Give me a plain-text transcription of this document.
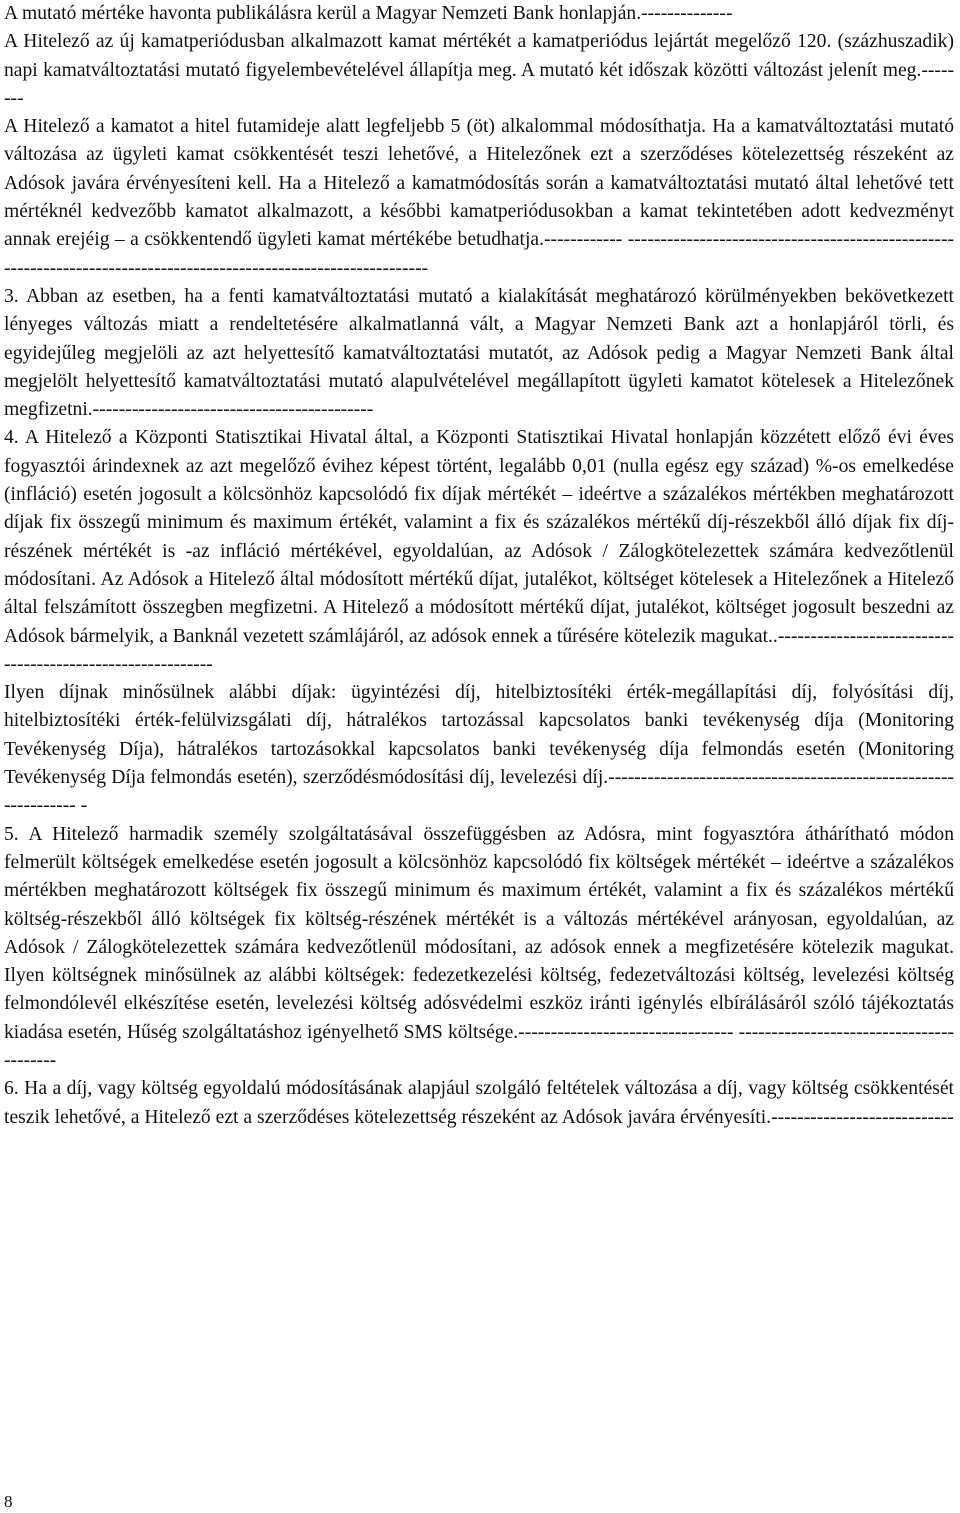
A mutató mértéke havonta publikálásra kerül a Magyar Nemzeti Bank honlapján.--------------

A Hitelező az új kamatperiódusban alkalmazott kamat mértékét a kamatperiódus lejártát megelőző 120. (százhuszadik) napi kamatváltoztatási mutató figyelembevételével állapítja meg. A mutató két időszak közötti változást jelenít meg.--------

A Hitelező a kamatot a hitel futamideje alatt legfeljebb 5 (öt) alkalommal módosíthatja. Ha a kamatváltoztatási mutató változása az ügyleti kamat csökkentését teszi lehetővé, a Hitelezőnek ezt a szerződéses kötelezettség részeként az Adósok javára érvényesíteni kell. Ha a Hitelező a kamatmódosítás során a kamatváltoztatási mutató által lehetővé tett mértéknél kedvezőbb kamatot alkalmazott, a későbbi kamatperiódusokban a kamat tekintetében adott kedvezményt annak erejéig – a csökkentendő ügyleti kamat mértékébe betudhatja.------------ -------------------------------------------------------------------------------------------------------------------

3. Abban az esetben, ha a fenti kamatváltoztatási mutató a kialakítását meghatározó körülményekben bekövetkezett lényeges változás miatt a rendeltetésére alkalmatlanná vált, a Magyar Nemzeti Bank azt a honlapjáról törli, és egyidejűleg megjelöli az azt helyettesítő kamatváltoztatási mutatót, az Adósok pedig a Magyar Nemzeti Bank által megjelölt helyettesítő kamatváltoztatási mutató alapulvételével megállapított ügyleti kamatot kötelesek a Hitelezőnek megfizetni.-------------------------------------------

4. A Hitelező a Központi Statisztikai Hivatal által, a Központi Statisztikai Hivatal honlapján közzétett előző évi éves fogyasztói árindexnek az azt megelőző évihez képest történt, legalább 0,01 (nulla egész egy század) %-os emelkedése (infláció) esetén jogosult a kölcsönhöz kapcsolódó fix díjak mértékét – ideértve a százalékos mértékben meghatározott díjak fix összegű minimum és maximum értékét, valamint a fix és százalékos mértékű díj-részekből álló díjak fix díj-részének mértékét is -az infláció mértékével, egyoldalúan, az Adósok / Zálogkötelezettek számára kedvezőtlenül módosítani. Az Adósok a Hitelező által módosított mértékű díjat, jutalékot, költséget kötelesek a Hitelezőnek a Hitelező által felszámított összegben megfizetni. A Hitelező a módosított mértékű díjat, jutalékot, költséget jogosult beszedni az Adósok bármelyik, a Banknál vezetett számlájáról, az adósok ennek a tűrésére kötelezik magukat..-----------------------------------------------------------

Ilyen díjnak minősülnek alábbi díjak: ügyintézési díj, hitelbiztosítéki érték-megállapítási díj, folyósítási díj, hitelbiztosítéki érték-felülvizsgálati díj, hátralékos tartozással kapcsolatos banki tevékenység díja (Monitoring Tevékenység Díja), hátralékos tartozásokkal kapcsolatos banki tevékenység díja felmondás esetén (Monitoring Tevékenység Díja felmondás esetén), szerződésmódosítási díj, levelezési díj.---------------------------------------------------------------- -

5. A Hitelező harmadik személy szolgáltatásával összefüggésben az Adósra, mint fogyasztóra áthárítható módon felmerült költségek emelkedése esetén jogosult a kölcsönhöz kapcsolódó fix költségek mértékét – ideértve a százalékos mértékben meghatározott költségek fix összegű minimum és maximum értékét, valamint a fix és százalékos mértékű költség-részekből álló költségek fix költség-részének mértékét is a változás mértékével arányosan, egyoldalúan, az Adósok / Zálogkötelezettek számára kedvezőtlenül módosítani, az adósok ennek a megfizetésére kötelezik magukat. Ilyen költségnek minősülnek az alábbi költségek: fedezetkezelési költség, fedezetváltozási költség, levelezési költség felmondólevél elkészítése esetén, levelezési költség adósvédelmi eszköz iránti igénylés elbírálásáról szóló tájékoztatás kiadása esetén, Hűség szolgáltatáshoz igényelhető SMS költsége.--------------------------------- -----------------------------------------

6. Ha a díj, vagy költség egyoldalú módosításának alapjául szolgáló feltételek változása a díj, vagy költség csökkentését teszik lehetővé, a Hitelező ezt a szerződéses kötelezettség részeként az Adósok javára érvényesíti.----------------------------

8
